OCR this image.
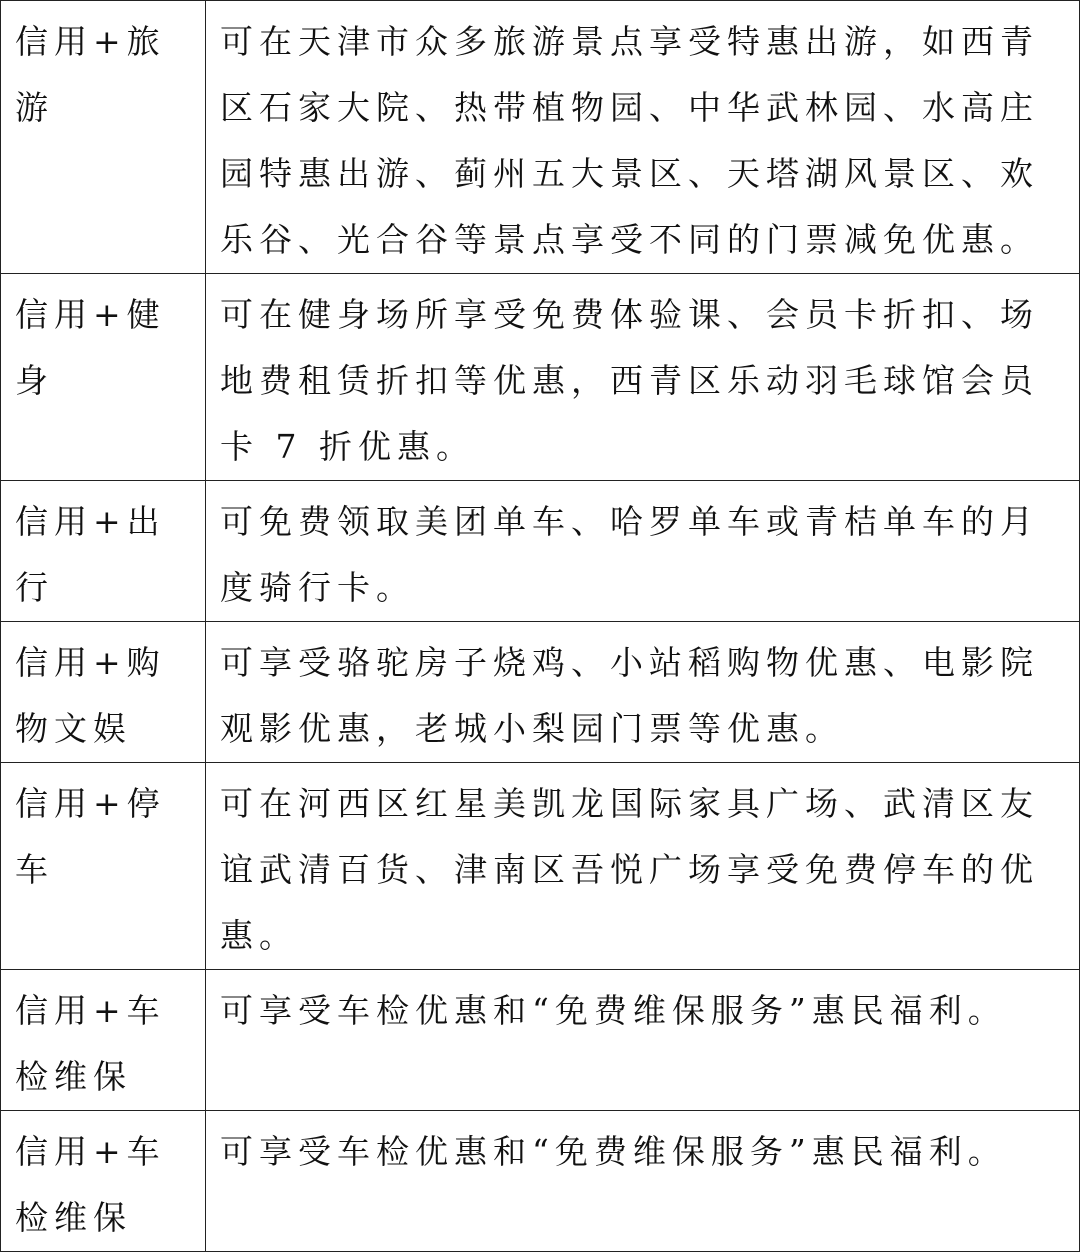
信用+旅游	可在天津市众多旅游景点享受特惠出游，如西青区石家大院、热带植物园、中华武林园、水高庄园特惠出游、蓟州五大景区、天塔湖风景区、欢乐谷、光合谷等景点享受不同的门票减免优惠。
信用+健身	可在健身场所享受免费体验课、会员卡折扣、场地费租赁折扣等优惠，西青区乐动羽毛球馆会员卡 7 折优惠。
信用+出行	可免费领取美团单车、哈罗单车或青桔单车的月度骑行卡。
信用+购物文娱	可享受骆驼房子烧鸡、小站稻购物优惠、电影院观影优惠，老城小梨园门票等优惠。
信用+停车	可在河西区红星美凯龙国际家具广场、武清区友谊武清百货、津南区吾悦广场享受免费停车的优惠。
信用+车检维保	可享受车检优惠和“免费维保服务”惠民福利。
信用+车检维保	可享受车检优惠和“免费维保服务”惠民福利。
